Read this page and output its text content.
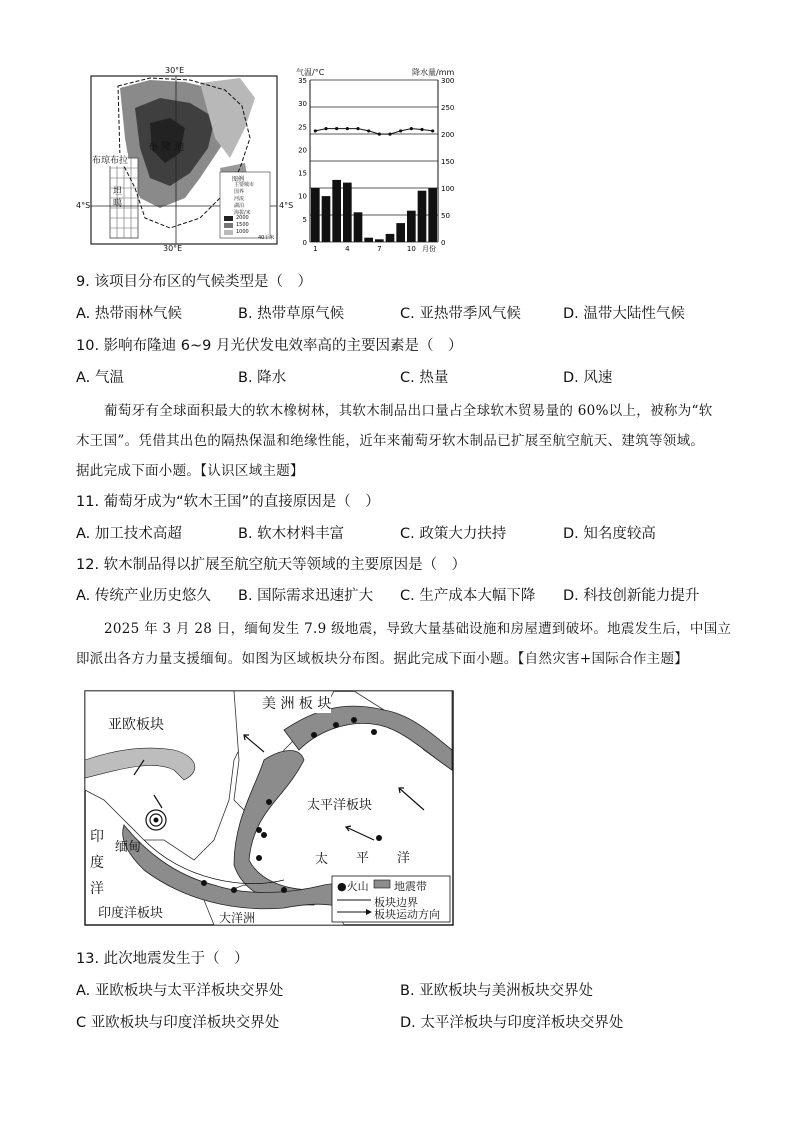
30°E
30°E
4°S	4°S
布 隆 迪
布琼布拉
坦 噶
图例
主要城市
国界
河流
湖泊
海拔/米
2000
1500
1000
40千米
35
30
25
20
15
10
5
0
300
250
200
150
100
50
0
1	4	7	10 月份
气温/°C	降水量/mm
9. 该项目分布区的气候类型是（　）
A. 热带雨林气候	B. 热带草原气候	C. 亚热带季风气候	D. 温带大陆性气候
10. 影响布隆迪 6~9 月光伏发电效率高的主要因素是（　）
A. 气温	B. 降水	C. 热量	D. 风速
葡萄牙有全球面积最大的软木橡树林，其软木制品出口量占全球软木贸易量的 60%以上，被称为“软
木王国”。凭借其出色的隔热保温和绝缘性能，近年来葡萄牙软木制品已扩展至航空航天、建筑等领域。
据此完成下面小题。【认识区域主题】
11. 葡萄牙成为“软木王国”的直接原因是（　）
A. 加工技术高超	B. 软木材料丰富	C. 政策大力扶持	D. 知名度较高
12. 软木制品得以扩展至航空航天等领域的主要原因是（　）
A. 传统产业历史悠久 B. 国际需求迅速扩大 C. 生产成本大幅下降 D. 科技创新能力提升
2025 年 3 月 28 日，缅甸发生 7.9 级地震，导致大量基础设施和房屋遭到破坏。地震发生后，中国立
即派出各方力量支援缅甸。如图为区域板块分布图。据此完成下面小题。【自然灾害+国际合作主题】
亚欧板块
美 洲 板 块
太平洋板块
太 平 洋
印
度
洋
缅甸
印度洋板块	大洋洲
●火山 地震带
板块边界
板块运动方向
13. 此次地震发生于（　）
A. 亚欧板块与太平洋板块交界处	B. 亚欧板块与美洲板块交界处
C 亚欧板块与印度洋板块交界处	D. 太平洋板块与印度洋板块交界处
